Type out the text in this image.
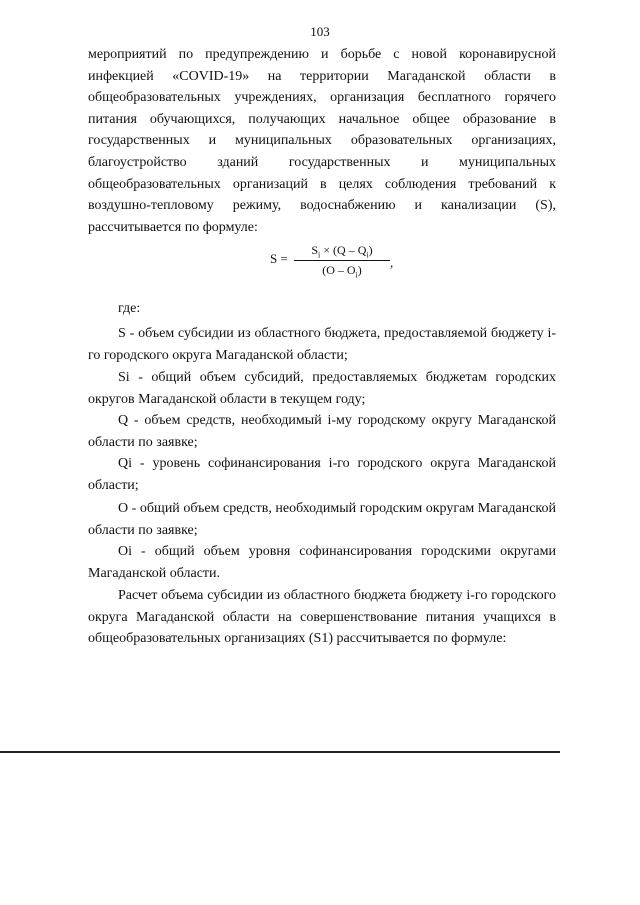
103

мероприятий по предупреждению и борьбе с новой коронавирусной инфекцией «COVID-19» на территории Магаданской области в общеобразовательных учреждениях, организация бесплатного горячего питания обучающихся, получающих начальное общее образование в государственных и муниципальных образовательных организациях, благоустройство зданий государственных и муниципальных общеобразовательных организаций в целях соблюдения требований к воздушно-тепловому режиму, водоснабжению и канализации (S), рассчитывается по формуле:

$S = \frac{S_i \times (Q - Q_i)}{(O - O_i)}$ ,
где:

S - объем субсидии из областного бюджета, предоставляемой бюджету i-го городского округа Магаданской области;

Si - общий объем субсидий, предоставляемых бюджетам городских округов Магаданской области в текущем году;

Q - объем средств, необходимый i-му городскому округу Магаданской области по заявке;

Qi - уровень софинансирования i-го городского округа Магаданской области;

O - общий объем средств, необходимый городским округам Магаданской области по заявке;

Oi - общий объем уровня софинансирования городскими округами Магаданской области.

Расчет объема субсидии из областного бюджета бюджету i-го городского округа Магаданской области на совершенствование питания учащихся в общеобразовательных организациях (S1) рассчитывается по формуле:
